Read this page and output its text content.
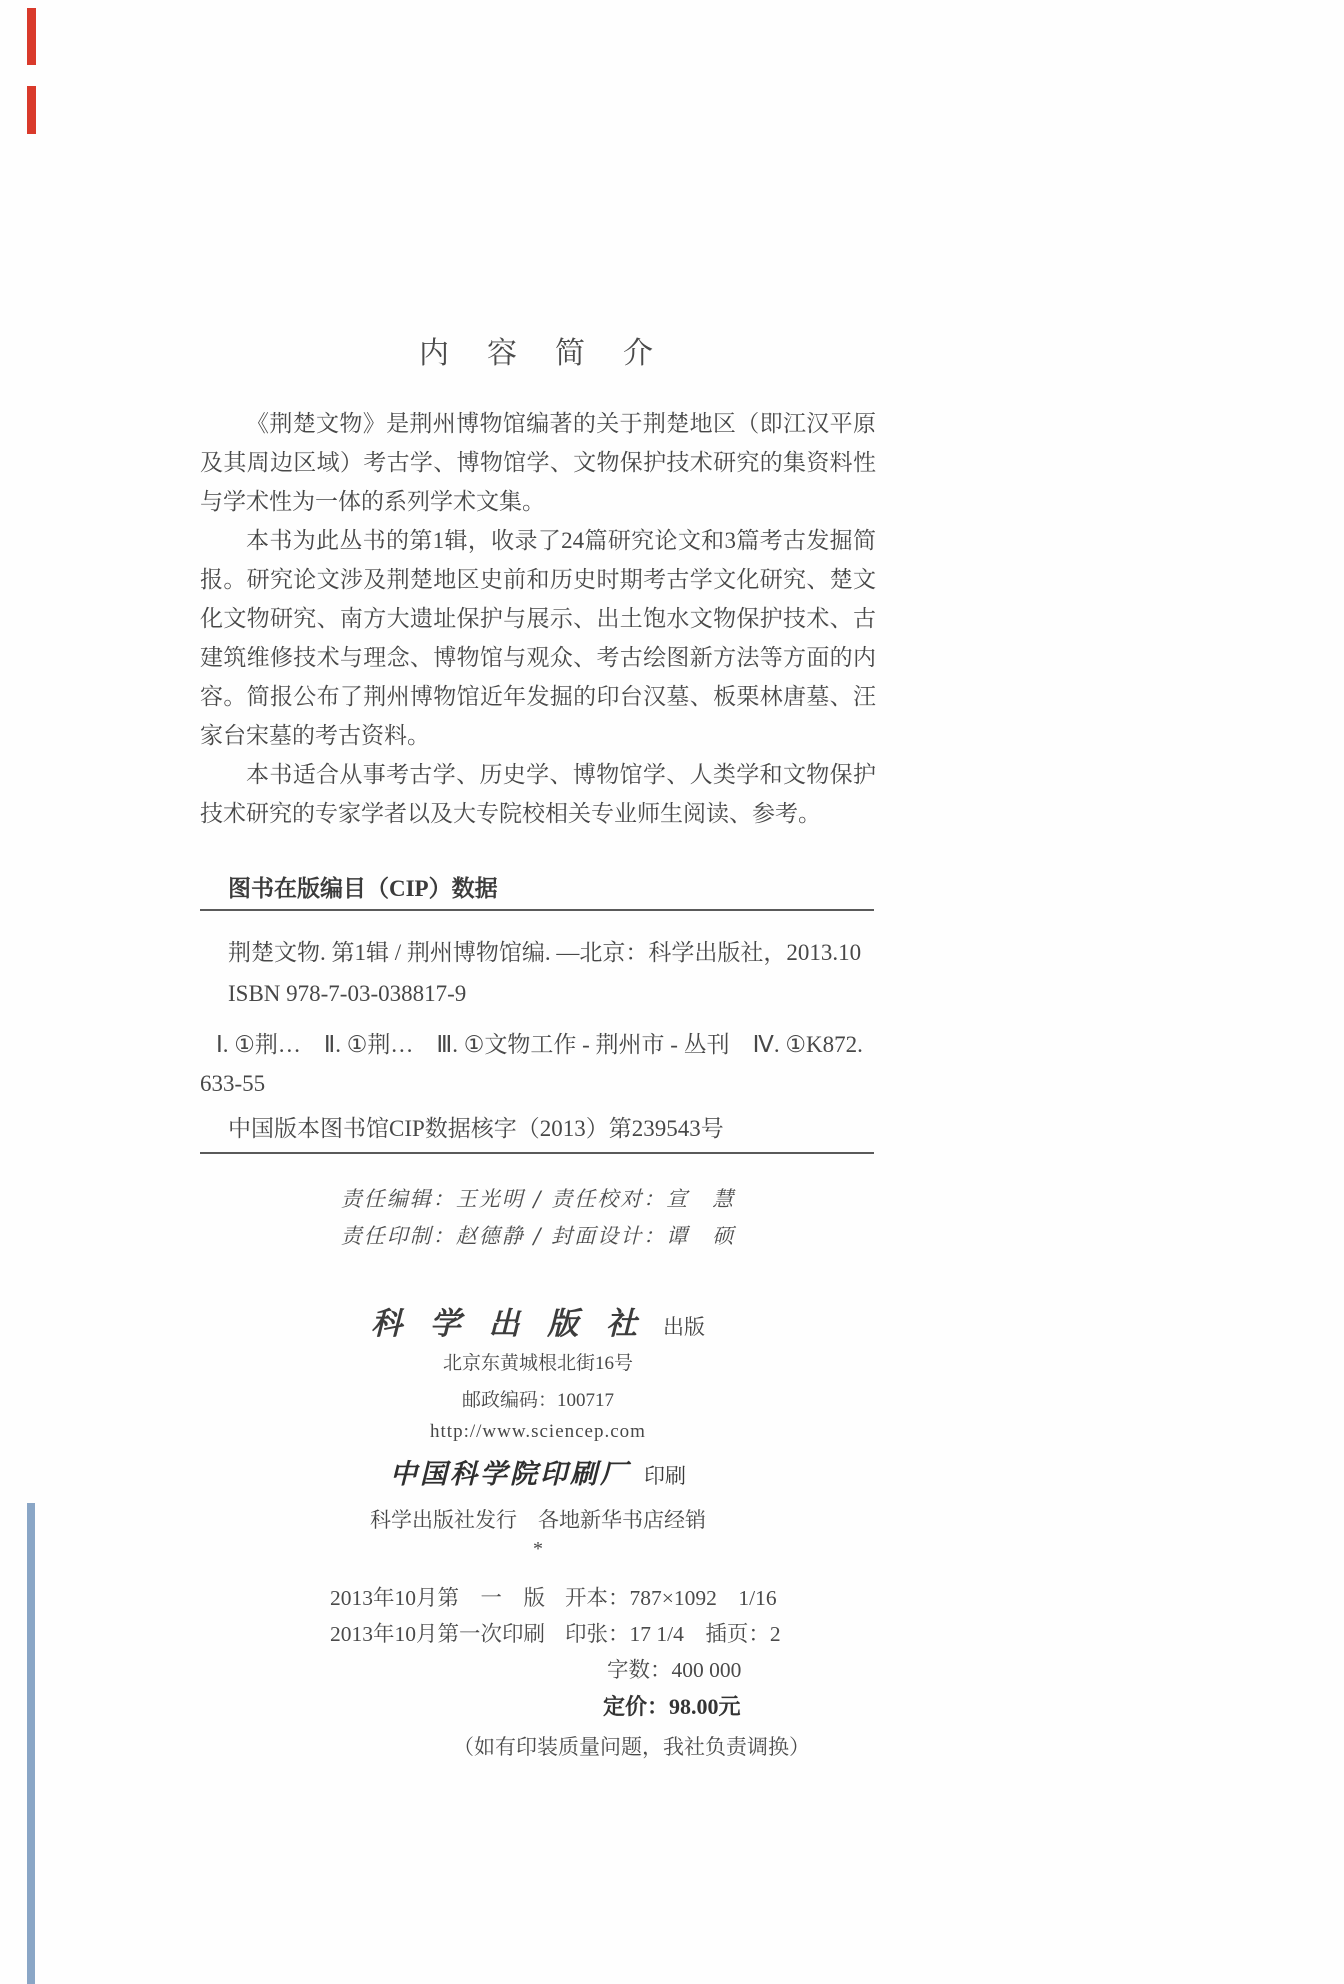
内　容　简　介

《荆楚文物》是荆州博物馆编著的关于荆楚地区（即江汉平原及其周边区域）考古学、博物馆学、文物保护技术研究的集资料性与学术性为一体的系列学术文集。

本书为此丛书的第1辑，收录了24篇研究论文和3篇考古发掘简报。研究论文涉及荆楚地区史前和历史时期考古学文化研究、楚文化文物研究、南方大遗址保护与展示、出土饱水文物保护技术、古建筑维修技术与理念、博物馆与观众、考古绘图新方法等方面的内容。简报公布了荆州博物馆近年发掘的印台汉墓、板栗林唐墓、汪家台宋墓的考古资料。

本书适合从事考古学、历史学、博物馆学、人类学和文物保护技术研究的专家学者以及大专院校相关专业师生阅读、参考。

图书在版编目（CIP）数据
荆楚文物. 第1辑 / 荆州博物馆编. —北京：科学出版社，2013.10
ISBN 978-7-03-038817-9
Ⅰ. ①荆…　Ⅱ. ①荆…　Ⅲ. ①文物工作 - 荆州市 - 丛刊　Ⅳ. ①K872.
633-55
中国版本图书馆CIP数据核字（2013）第239543号
责任编辑：王光明 / 责任校对：宣　慧
责任印制：赵德静 / 封面设计：谭　硕
科 学 出 版 社 出版
北京东黄城根北街16号
邮政编码：100717
http://www.sciencep.com
中国科学院印刷厂 印刷
科学出版社发行　各地新华书店经销
*
2013年10月第　一　版 开本：787×1092　1/16
2013年10月第一次印刷 印张：17 1/4　插页：2
字数：400 000
定价：98.00元
（如有印装质量问题，我社负责调换）
